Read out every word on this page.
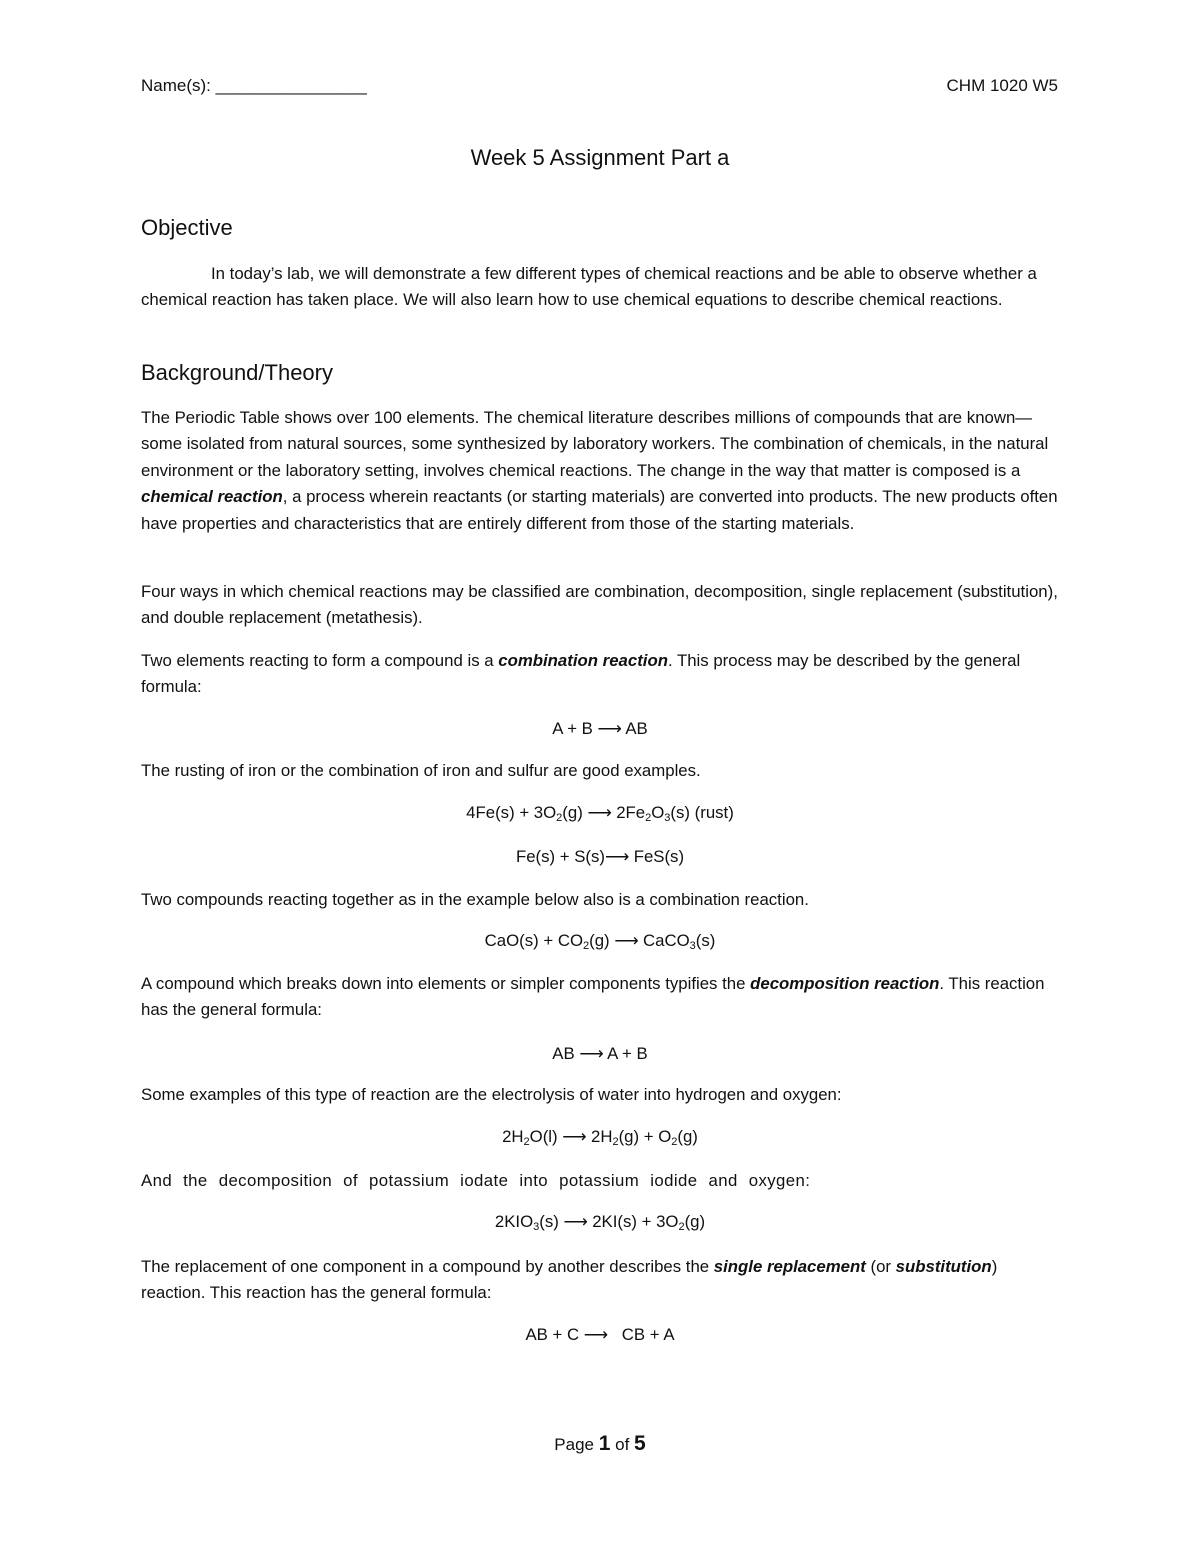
Name(s): ________________	CHM 1020 W5
Week 5 Assignment Part a
Objective
In today’s lab, we will demonstrate a few different types of chemical reactions and be able to observe whether a chemical reaction has taken place. We will also learn how to use chemical equations to describe chemical reactions.
Background/Theory
The Periodic Table shows over 100 elements. The chemical literature describes millions of compounds that are known—some isolated from natural sources, some synthesized by laboratory workers. The combination of chemicals, in the natural environment or the laboratory setting, involves chemical reactions. The change in the way that matter is composed is a chemical reaction, a process wherein reactants (or starting materials) are converted into products. The new products often have properties and characteristics that are entirely different from those of the starting materials.
Four ways in which chemical reactions may be classified are combination, decomposition, single replacement (substitution), and double replacement (metathesis).
Two elements reacting to form a compound is a combination reaction. This process may be described by the general formula:
A + B ⟶ AB
The rusting of iron or the combination of iron and sulfur are good examples.
$4Fe(s) + 3O_2(g)$ ⟶ $2Fe_2O_3(s)$ (rust)
Fe(s) + S(s)⟶ FeS(s)
Two compounds reacting together as in the example below also is a combination reaction.
$CaO(s) + CO_2(g)$ ⟶ CaCO$_3$(s)
A compound which breaks down into elements or simpler components typifies the decomposition reaction. This reaction has the general formula:
AB ⟶ A + B
Some examples of this type of reaction are the electrolysis of water into hydrogen and oxygen:
$2H_2O(l)$ ⟶ $2H_2(g) + O_2(g)$
And the decomposition of potassium iodate into potassium iodide and oxygen:
$2KIO_3(s)$ ⟶ $2KI(s) + 3O_2(g)$
The replacement of one component in a compound by another describes the single replacement (or substitution) reaction. This reaction has the general formula:
AB + C ⟶   CB + A
Page 1 of 5
